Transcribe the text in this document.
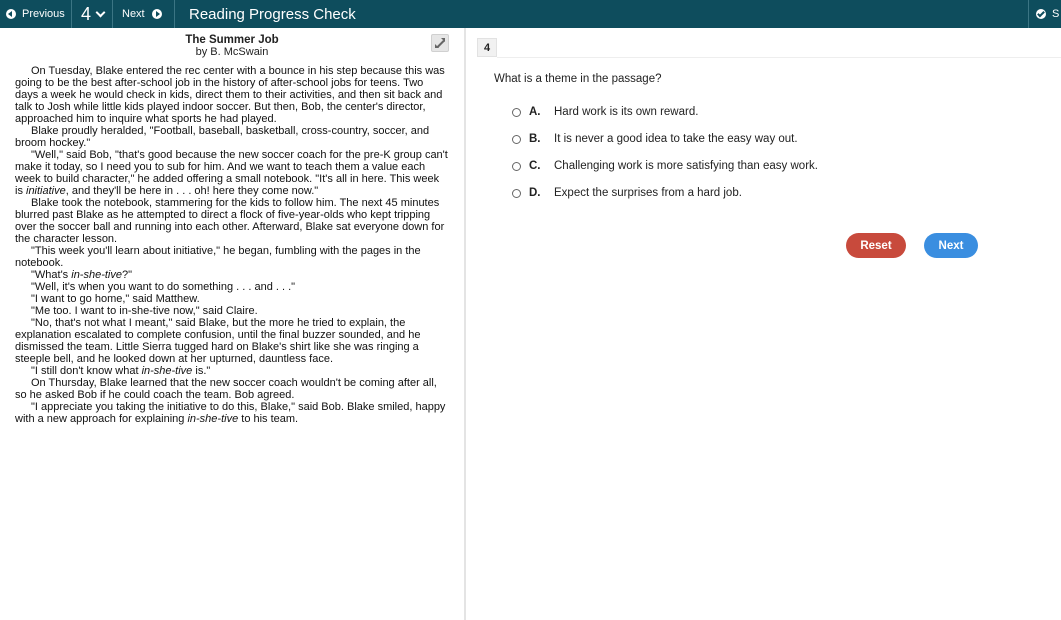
Previous 4	Next	Reading Progress Check	S
The Summer Job
by B. McSwain

On Tuesday, Blake entered the rec center with a bounce in his step because this was going to be the best after-school job in the history of after-school jobs for teens. Two days a week he would check in kids, direct them to their activities, and then sit back and talk to Josh while little kids played indoor soccer. But then, Bob, the center's director, approached him to inquire what sports he had played.

Blake proudly heralded, "Football, baseball, basketball, cross-country, soccer, and broom hockey."

"Well," said Bob, "that's good because the new soccer coach for the pre-K group can't make it today, so I need you to sub for him. And we want to teach them a value each week to build character," he added offering a small notebook. "It's all in here. This week is initiative, and they'll be here in . . . oh! here they come now."

Blake took the notebook, stammering for the kids to follow him. The next 45 minutes blurred past Blake as he attempted to direct a flock of five-year-olds who kept tripping over the soccer ball and running into each other. Afterward, Blake sat everyone down for the character lesson.

"This week you'll learn about initiative," he began, fumbling with the pages in the notebook.

"What's in-she-tive?"

"Well, it's when you want to do something . . . and . . ."

"I want to go home," said Matthew.

"Me too. I want to in-she-tive now," said Claire.

"No, that's not what I meant," said Blake, but the more he tried to explain, the explanation escalated to complete confusion, until the final buzzer sounded, and he dismissed the team. Little Sierra tugged hard on Blake's shirt like she was ringing a steeple bell, and he looked down at her upturned, dauntless face.

"I still don't know what in-she-tive is."

On Thursday, Blake learned that the new soccer coach wouldn't be coming after all, so he asked Bob if he could coach the team. Bob agreed.

"I appreciate you taking the initiative to do this, Blake," said Bob. Blake smiled, happy with a new approach for explaining in-she-tive to his team.

4
What is a theme in the passage?
A.	Hard work is its own reward.
B.	It is never a good idea to take the easy way out.
C.	Challenging work is more satisfying than easy work.
D.	Expect the surprises from a hard job.
Reset	Next
